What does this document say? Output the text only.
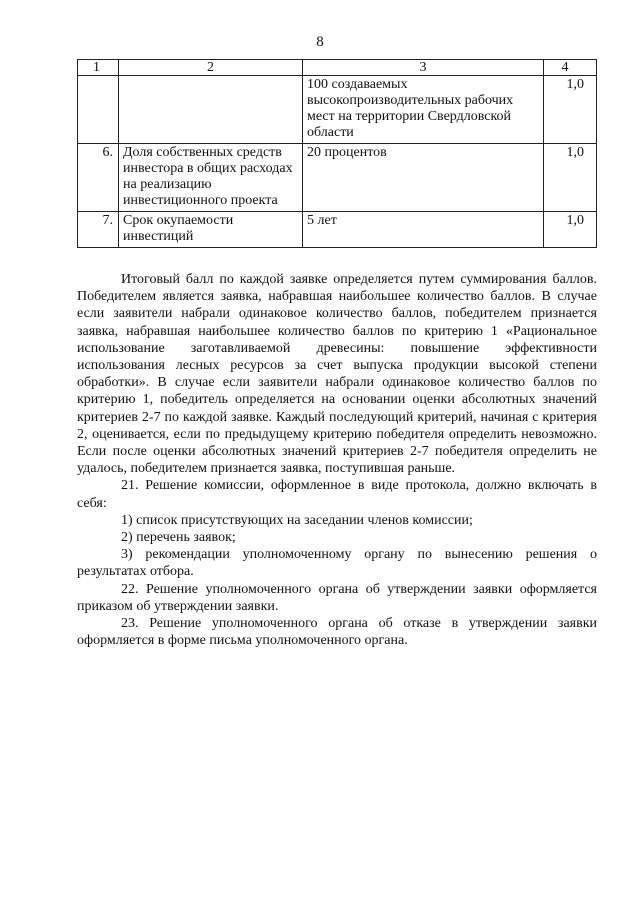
8
1	2	3	4
		100 создаваемых высокопроизводительных рабочих мест на территории Свердловской области	1,0
6.	Доля собственных средств инвестора в общих расходах на реализацию инвестиционного проекта	20 процентов	1,0
7.	Срок окупаемости инвестиций	5 лет	1,0

Итоговый балл по каждой заявке определяется путем суммирования баллов. Победителем является заявка, набравшая наибольшее количество баллов. В случае если заявители набрали одинаковое количество баллов, победителем признается заявка, набравшая наибольшее количество баллов по критерию 1 «Рациональное использование заготавливаемой древесины: повышение эффективности использования лесных ресурсов за счет выпуска продукции высокой степени обработки». В случае если заявители набрали одинаковое количество баллов по критерию 1, победитель определяется на основании оценки абсолютных значений критериев 2-7 по каждой заявке. Каждый последующий критерий, начиная с критерия 2, оценивается, если по предыдущему критерию победителя определить невозможно. Если после оценки абсолютных значений критериев 2-7 победителя определить не удалось, победителем признается заявка, поступившая раньше.

21. Решение комиссии, оформленное в виде протокола, должно включать в себя:

1) список присутствующих на заседании членов комиссии;

2) перечень заявок;

3) рекомендации уполномоченному органу по вынесению решения о результатах отбора.

22. Решение уполномоченного органа об утверждении заявки оформляется приказом об утверждении заявки.

23. Решение уполномоченного органа об отказе в утверждении заявки оформляется в форме письма уполномоченного органа.
